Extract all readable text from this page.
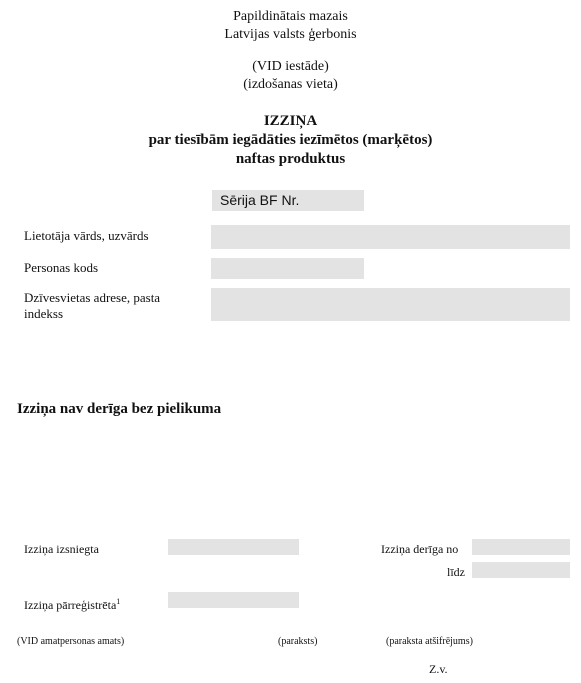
Papildinātais mazais
Latvijas valsts ģerbonis
(VID iestāde)
(izdošanas vieta)
IZZIŅA
par tiesībām iegādāties iezīmētos (marķētos)
naftas produktus
Sērija BF Nr.
Lietotāja vārds, uzvārds
Personas kods
Dzīvesvietas adrese, pasta indekss
Izziņa nav derīga bez pielikuma
Izziņa izsniegta	Izziņa derīga no
līdz
Izziņa pārreģistrēta$^1$
(VID amatpersonas amats)	(paraksts)	(paraksta atšifrējums)
Z.v.
